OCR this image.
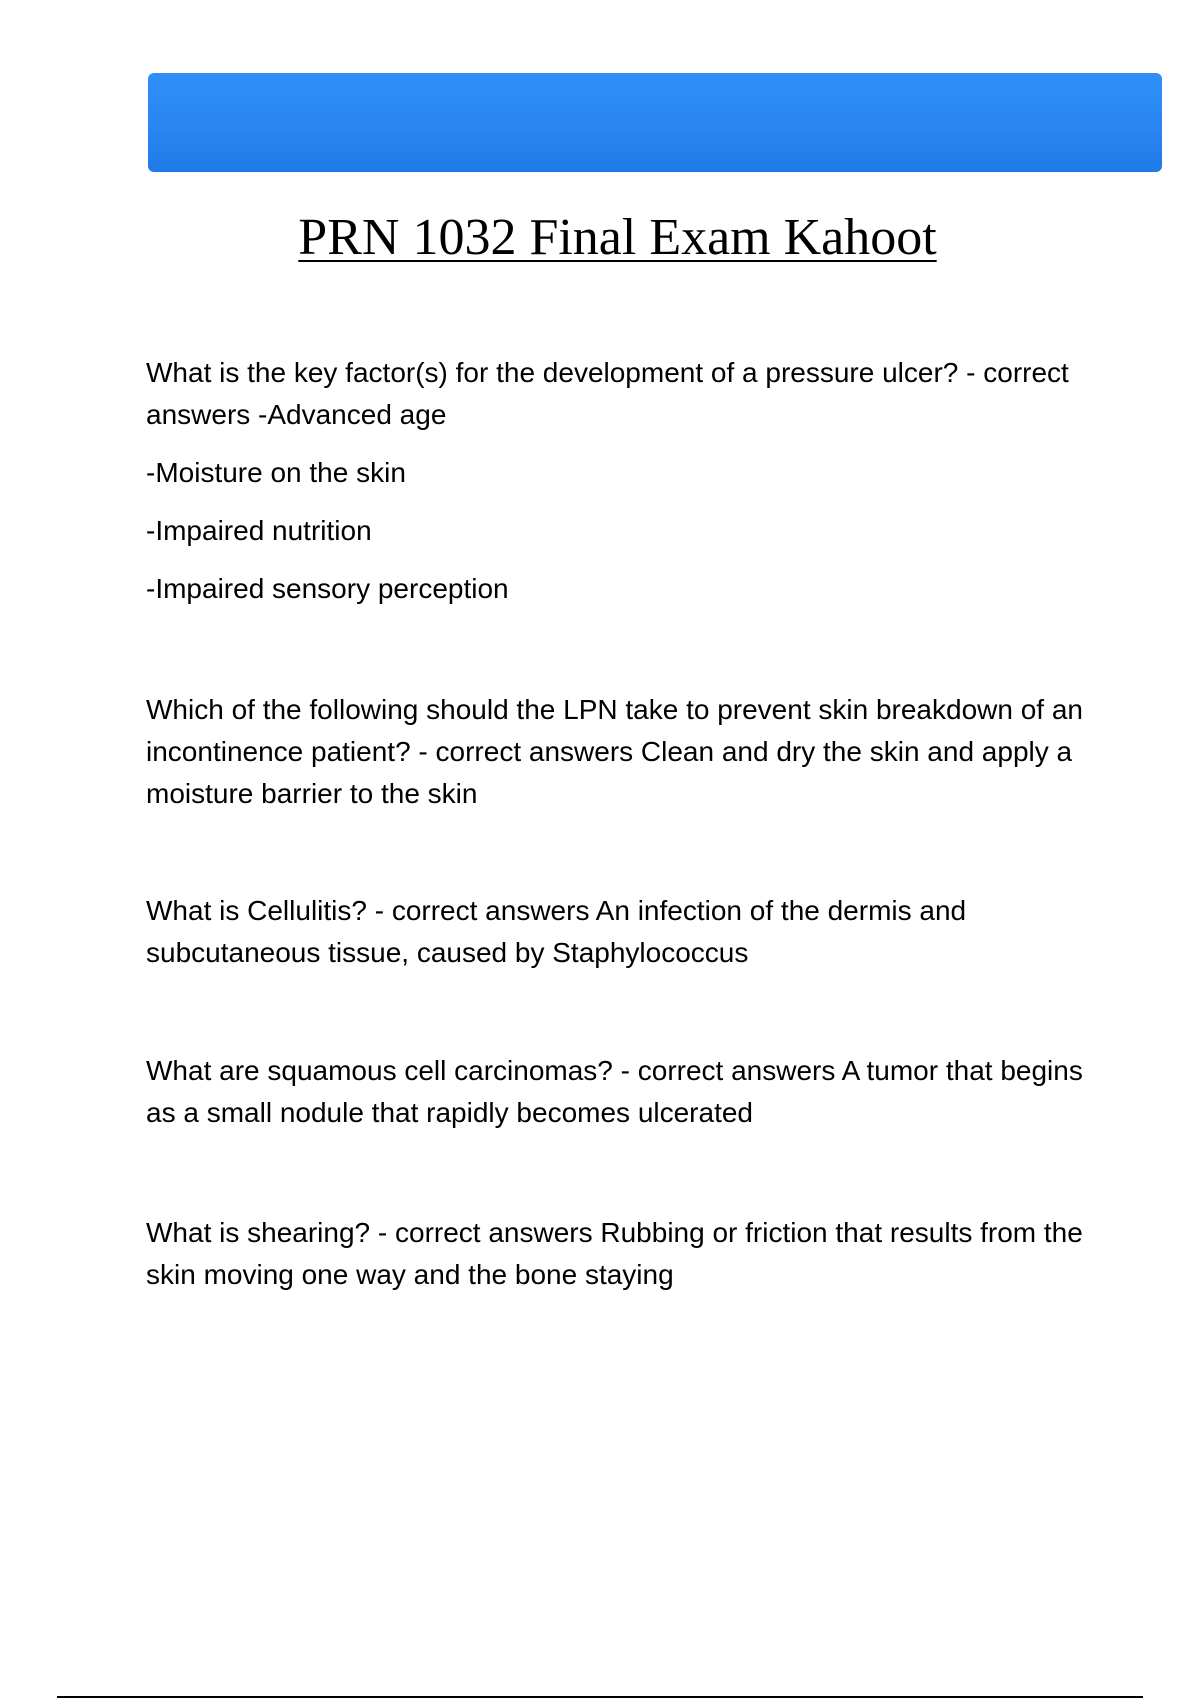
PRN 1032 Final Exam Kahoot

What is the key factor(s) for the development of a pressure ulcer? - correct answers -Advanced age

-Moisture on the skin

-Impaired nutrition

-Impaired sensory perception

Which of the following should the LPN take to prevent skin breakdown of an incontinence patient? - correct answers Clean and dry the skin and apply a moisture barrier to the skin

What is Cellulitis? - correct answers An infection of the dermis and subcutaneous tissue, caused by Staphylococcus

What are squamous cell carcinomas? - correct answers A tumor that begins as a small nodule that rapidly becomes ulcerated

What is shearing? - correct answers Rubbing or friction that results from the skin moving one way and the bone staying
